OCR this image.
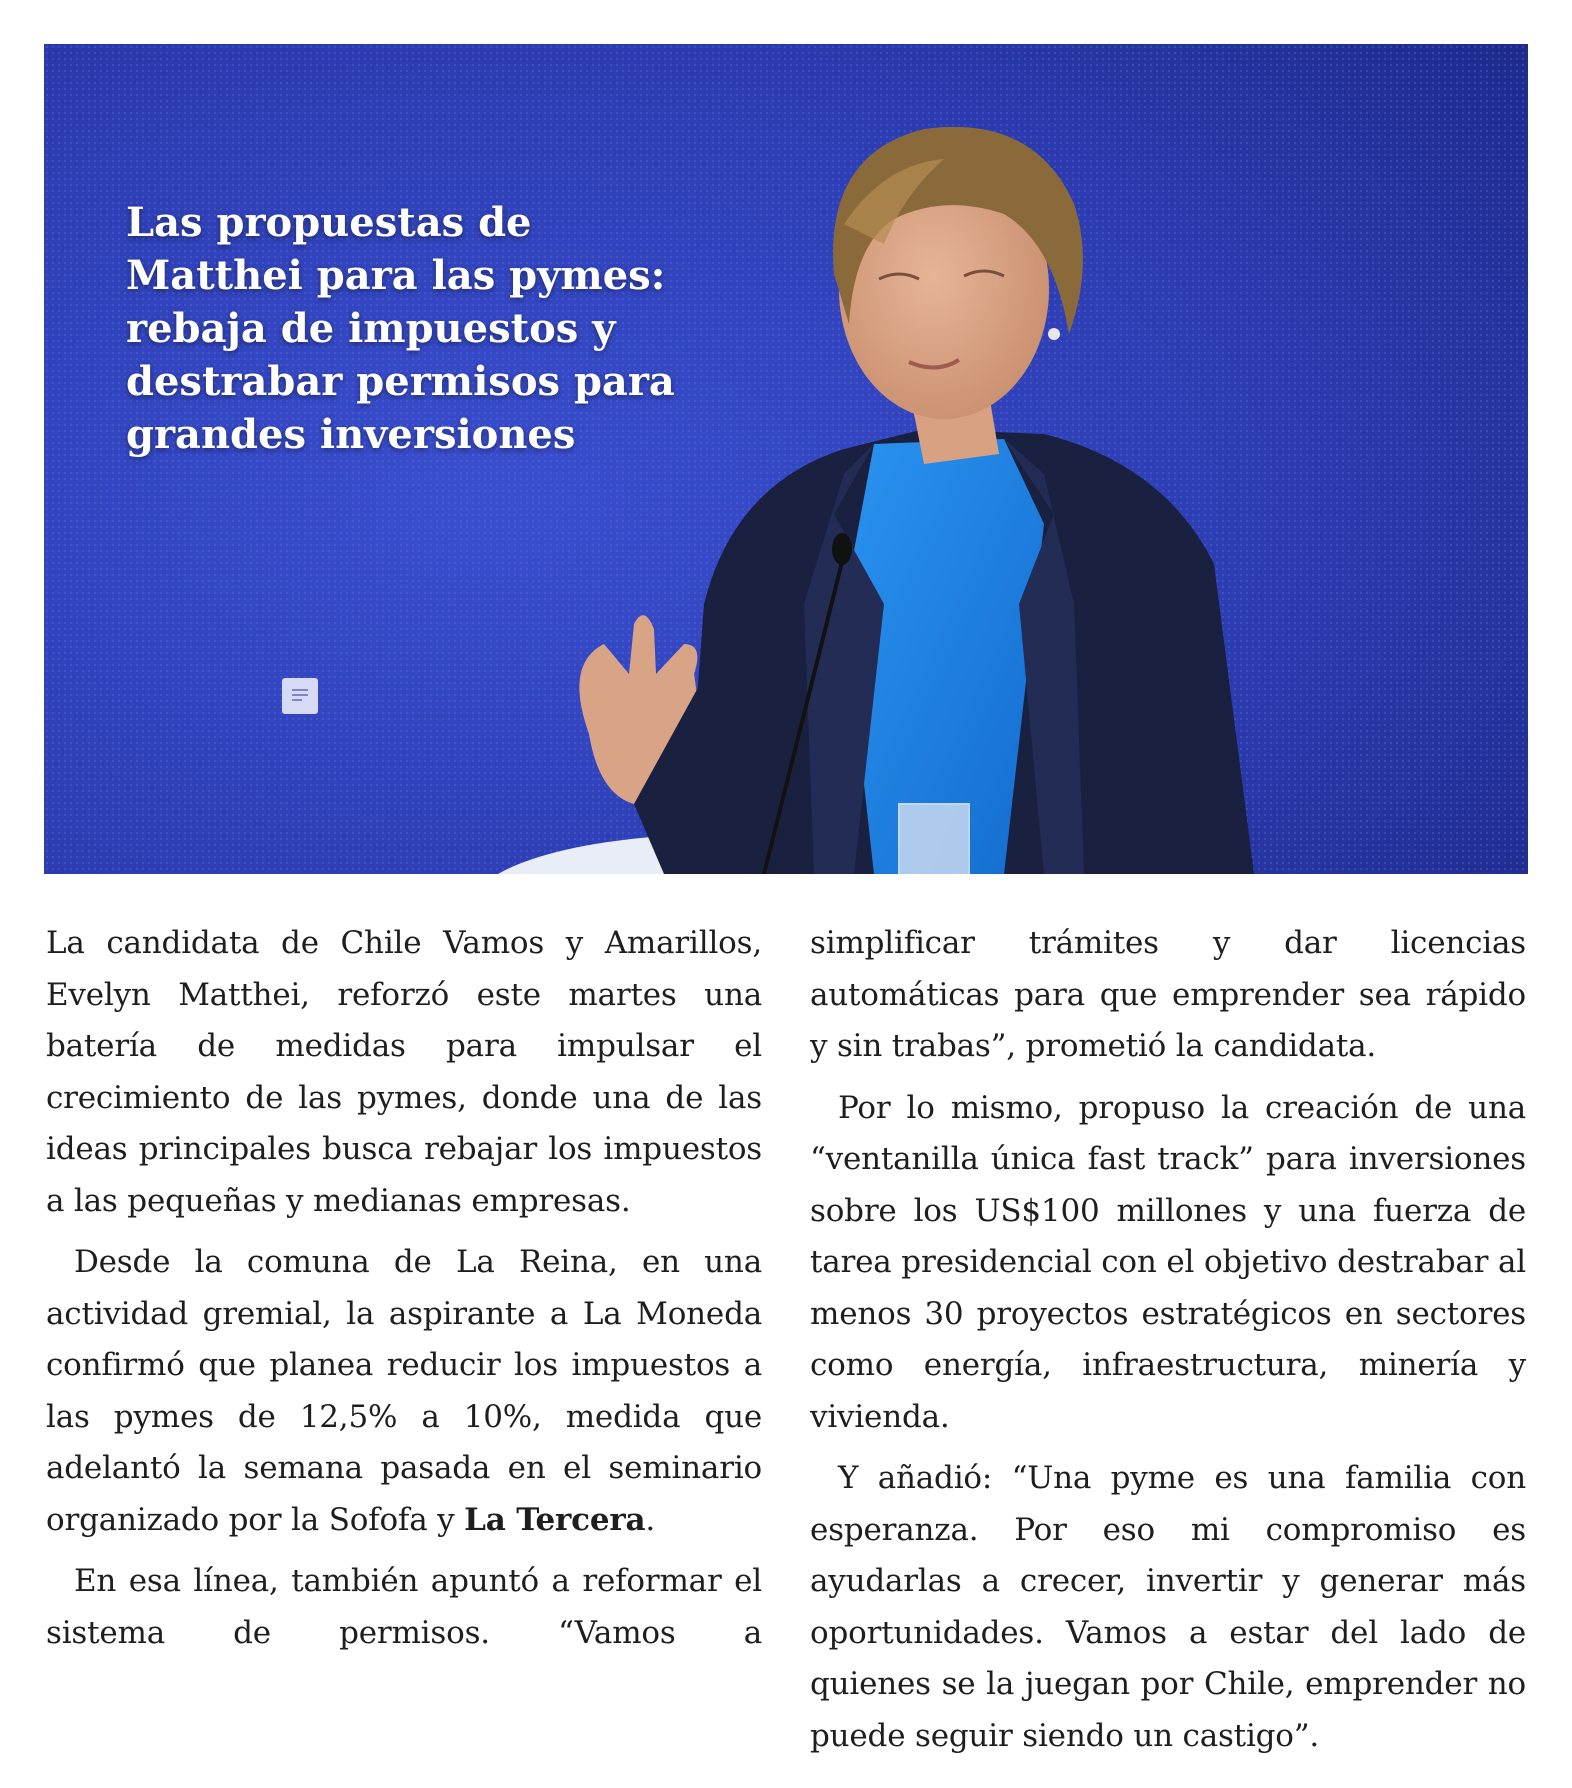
Las propuestas de
Matthei para las pymes:
rebaja de impuestos y
destrabar permisos para
grandes inversiones

La candidata de Chile Vamos y Amarillos, Evelyn Matthei, reforzó este martes una batería de medidas para impulsar el crecimiento de las pymes, donde una de las ideas principales busca rebajar los impuestos a las pequeñas y medianas empresas.

Desde la comuna de La Reina, en una actividad gremial, la aspirante a La Moneda confirmó que planea reducir los impuestos a las pymes de 12,5% a 10%, medida que adelantó la semana pasada en el seminario organizado por la Sofofa y La Tercera.

En esa línea, también apuntó a reformar el sistema de permisos. “Vamos a

simplificar trámites y dar licencias automáticas para que emprender sea rápido y sin trabas”, prometió la candidata.

Por lo mismo, propuso la creación de una “ventanilla única fast track” para inversiones sobre los US$100 millones y una fuerza de tarea presidencial con el objetivo destrabar al menos 30 proyectos estratégicos en sectores como energía, infraestructura, minería y vivienda.

Y añadió: “Una pyme es una familia con esperanza. Por eso mi compromiso es ayudarlas a crecer, invertir y generar más oportunidades. Vamos a estar del lado de quienes se la juegan por Chile, emprender no puede seguir siendo un castigo”.
